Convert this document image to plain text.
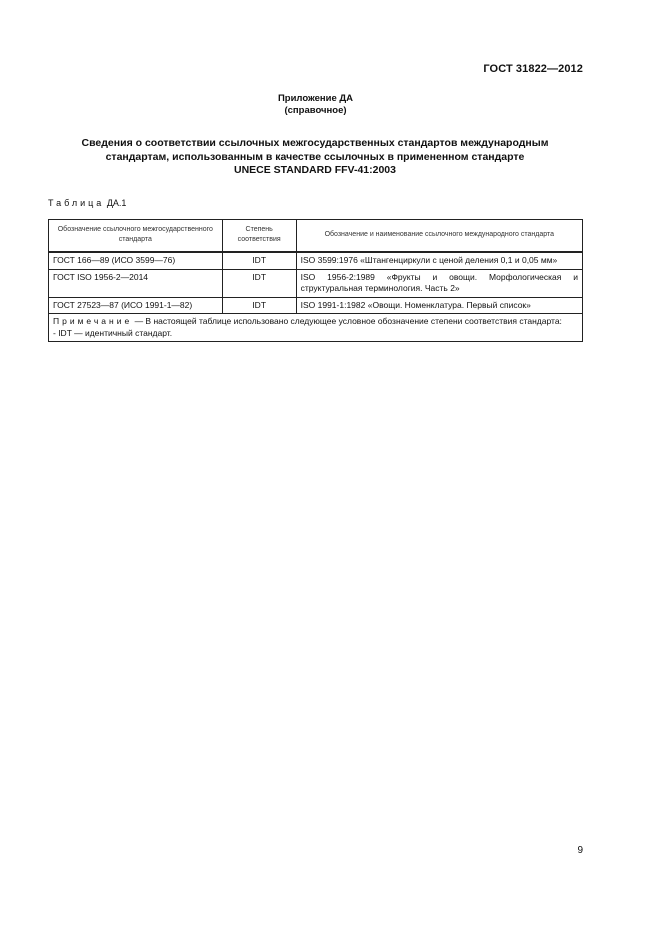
ГОСТ 31822—2012
Приложение ДА
(справочное)
Сведения о соответствии ссылочных межгосударственных стандартов международным
стандартам, использованным в качестве ссылочных в примененном стандарте
UNECE STANDARD FFV-41:2003
Таблица ДА.1
Обозначение ссылочного межгосударственного стандарта	Степень соответствия	Обозначение и наименование ссылочного международного стандарта
ГОСТ 166—89 (ИСО 3599—76)	IDT	ISO 3599:1976 «Штангенциркули с ценой деления 0,1 и 0,05 мм»
ГОСТ ISO 1956-2—2014	IDT	ISO 1956-2:1989 «Фрукты и овощи. Морфологическая и структуральная терминология. Часть 2»
ГОСТ 27523—87 (ИСО 1991-1—82)	IDT	ISO 1991-1:1982 «Овощи. Номенклатура. Первый список»

Примечание — В настоящей таблице использовано следующее условное обозначение степени соответствия стандарта:
- IDT — идентичный стандарт.		
9
